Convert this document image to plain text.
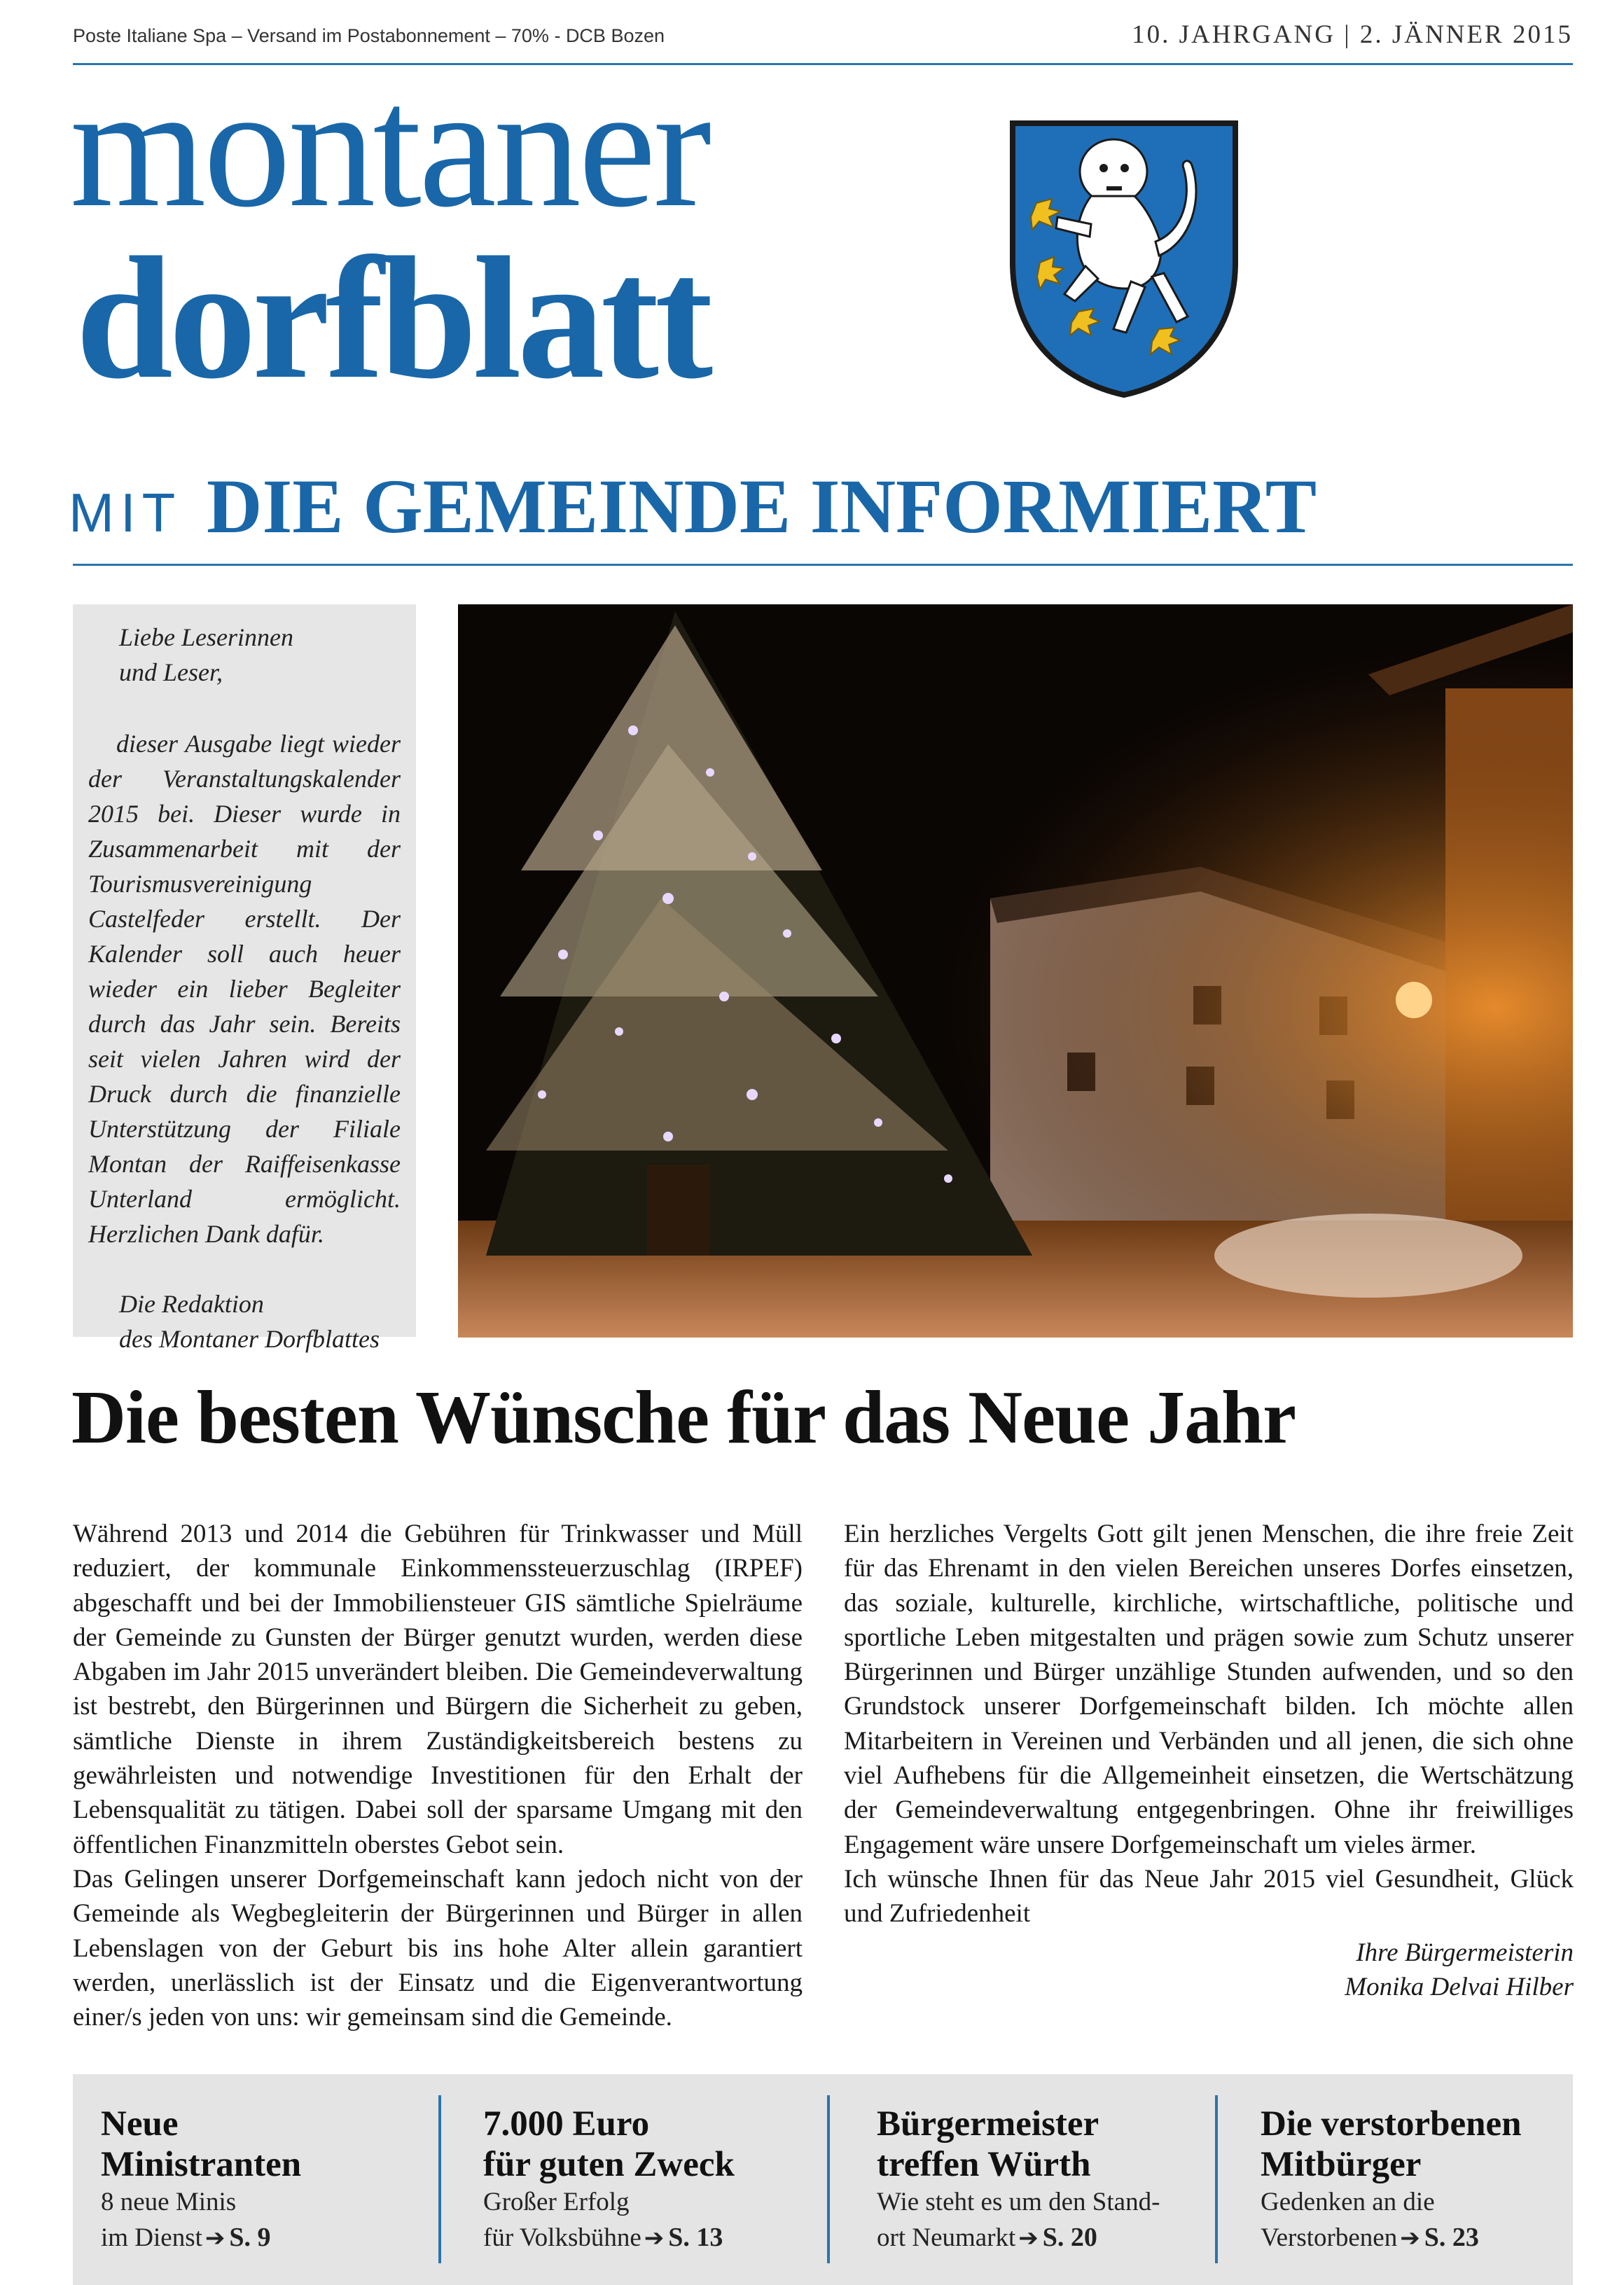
Poste Italiane Spa – Versand im Postabonnement – 70% - DCB Bozen	10. JAHRGANG | 2. JÄNNER 2015
montaner
dorfblatt
MIT DIE GEMEINDE INFORMIERT

Liebe Leserinnen

und Leser,

dieser Ausgabe liegt wieder der Veranstaltungskalender 2015 bei. Dieser wurde in Zusammenarbeit mit der Tourismusvereinigung Castelfeder erstellt. Der Kalender soll auch heuer wieder ein lieber Begleiter durch das Jahr sein. Bereits seit vielen Jahren wird der Druck durch die finanzielle Unterstützung der Filiale Montan der Raiffeisenkasse Unterland ermöglicht. Herzlichen Dank dafür.

Die Redaktion

des Montaner Dorfblattes

Die besten Wünsche für das Neue Jahr

Während 2013 und 2014 die Gebühren für Trinkwasser und Müll reduziert, der kommunale Einkommenssteuerzuschlag (IRPEF) abgeschafft und bei der Immobiliensteuer GIS sämtliche Spielräume der Gemeinde zu Gunsten der Bürger genutzt wurden, werden diese Abgaben im Jahr 2015 unverändert bleiben. Die Gemeindeverwaltung ist bestrebt, den Bürgerinnen und Bürgern die Sicherheit zu geben, sämtliche Dienste in ihrem Zuständigkeitsbereich bestens zu gewährleisten und notwendige Investitionen für den Erhalt der Lebensqualität zu tätigen. Dabei soll der sparsame Umgang mit den öffentlichen Finanzmitteln oberstes Gebot sein.

Das Gelingen unserer Dorfgemeinschaft kann jedoch nicht von der Gemeinde als Wegbegleiterin der Bürgerinnen und Bürger in allen Lebenslagen von der Geburt bis ins hohe Alter allein garantiert werden, unerlässlich ist der Einsatz und die Eigenverantwortung einer/s jeden von uns: wir gemeinsam sind die Gemeinde.

Ein herzliches Vergelts Gott gilt jenen Menschen, die ihre freie Zeit für das Ehrenamt in den vielen Bereichen unseres Dorfes einsetzen, das soziale, kulturelle, kirchliche, wirtschaftliche, politische und sportliche Leben mitgestalten und prägen sowie zum Schutz unserer Bürgerinnen und Bürger unzählige Stunden aufwenden, und so den Grundstock unserer Dorfgemeinschaft bilden. Ich möchte allen Mitarbeitern in Vereinen und Verbänden und all jenen, die sich ohne viel Aufhebens für die Allgemeinheit einsetzen, die Wertschätzung der Gemeindeverwaltung entgegenbringen. Ohne ihr freiwilliges Engagement wäre unsere Dorfgemeinschaft um vieles ärmer.

Ich wünsche Ihnen für das Neue Jahr 2015 viel Gesundheit, Glück und Zufriedenheit

Ihre Bürgermeisterin

Monika Delvai Hilber

Neue
Ministranten
8 neue Minis
im Dienst ➔ S. 9
7.000 Euro
für guten Zweck
Großer Erfolg
für Volksbühne ➔ S. 13
Bürgermeister
treffen Würth
Wie steht es um den Stand-
ort Neumarkt ➔ S. 20
Die verstorbenen
Mitbürger
Gedenken an die
Verstorbenen ➔ S. 23
